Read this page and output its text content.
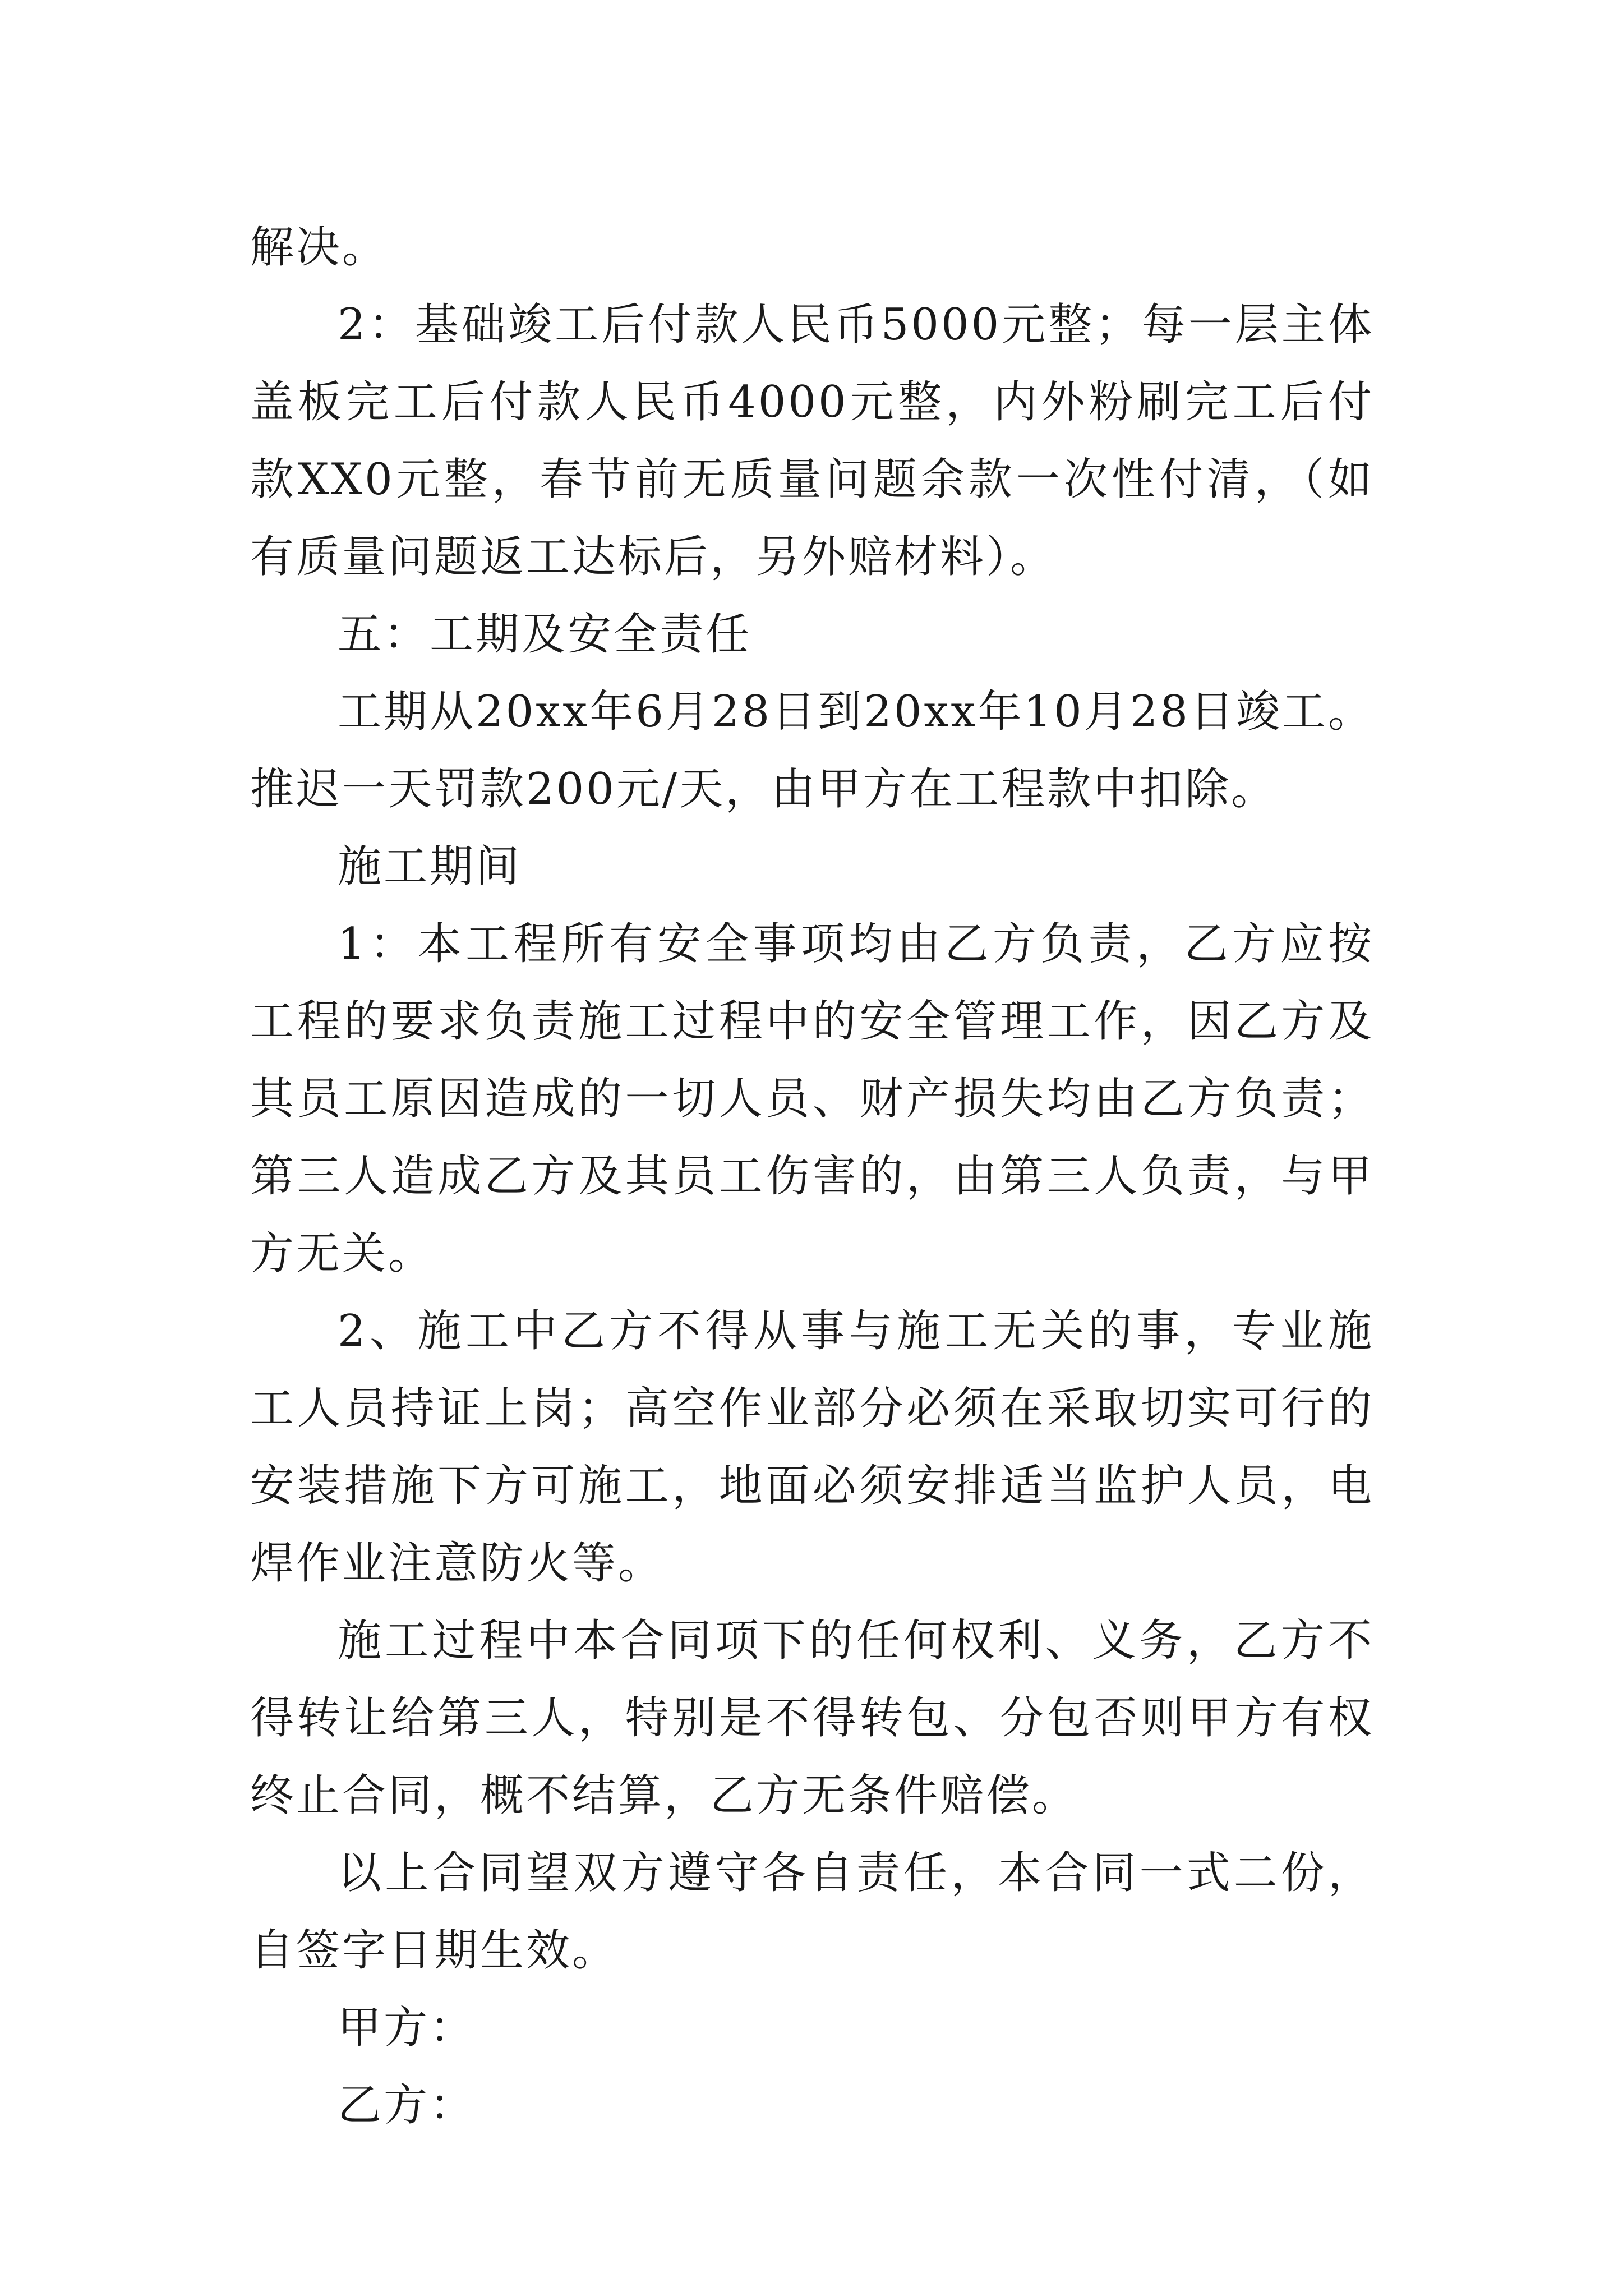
解决。

2：基础竣工后付款人民币5000元整；每一层主体盖板完工后付款人民币4000元整，内外粉刷完工后付款XX0元整，春节前无质量问题余款一次性付清，（如有质量问题返工达标后，另外赔材料）。

五：工期及安全责任

工期从20xx年6月28日到20xx年10月28日竣工。推迟一天罚款200元/天，由甲方在工程款中扣除。

施工期间

1：本工程所有安全事项均由乙方负责，乙方应按工程的要求负责施工过程中的安全管理工作，因乙方及其员工原因造成的一切人员、财产损失均由乙方负责；第三人造成乙方及其员工伤害的，由第三人负责，与甲方无关。

2、施工中乙方不得从事与施工无关的事，专业施工人员持证上岗；高空作业部分必须在采取切实可行的安装措施下方可施工，地面必须安排适当监护人员，电焊作业注意防火等。

施工过程中本合同项下的任何权利、义务，乙方不得转让给第三人，特别是不得转包、分包否则甲方有权终止合同，概不结算，乙方无条件赔偿。

以上合同望双方遵守各自责任，本合同一式二份，自签字日期生效。

甲方：

乙方：
